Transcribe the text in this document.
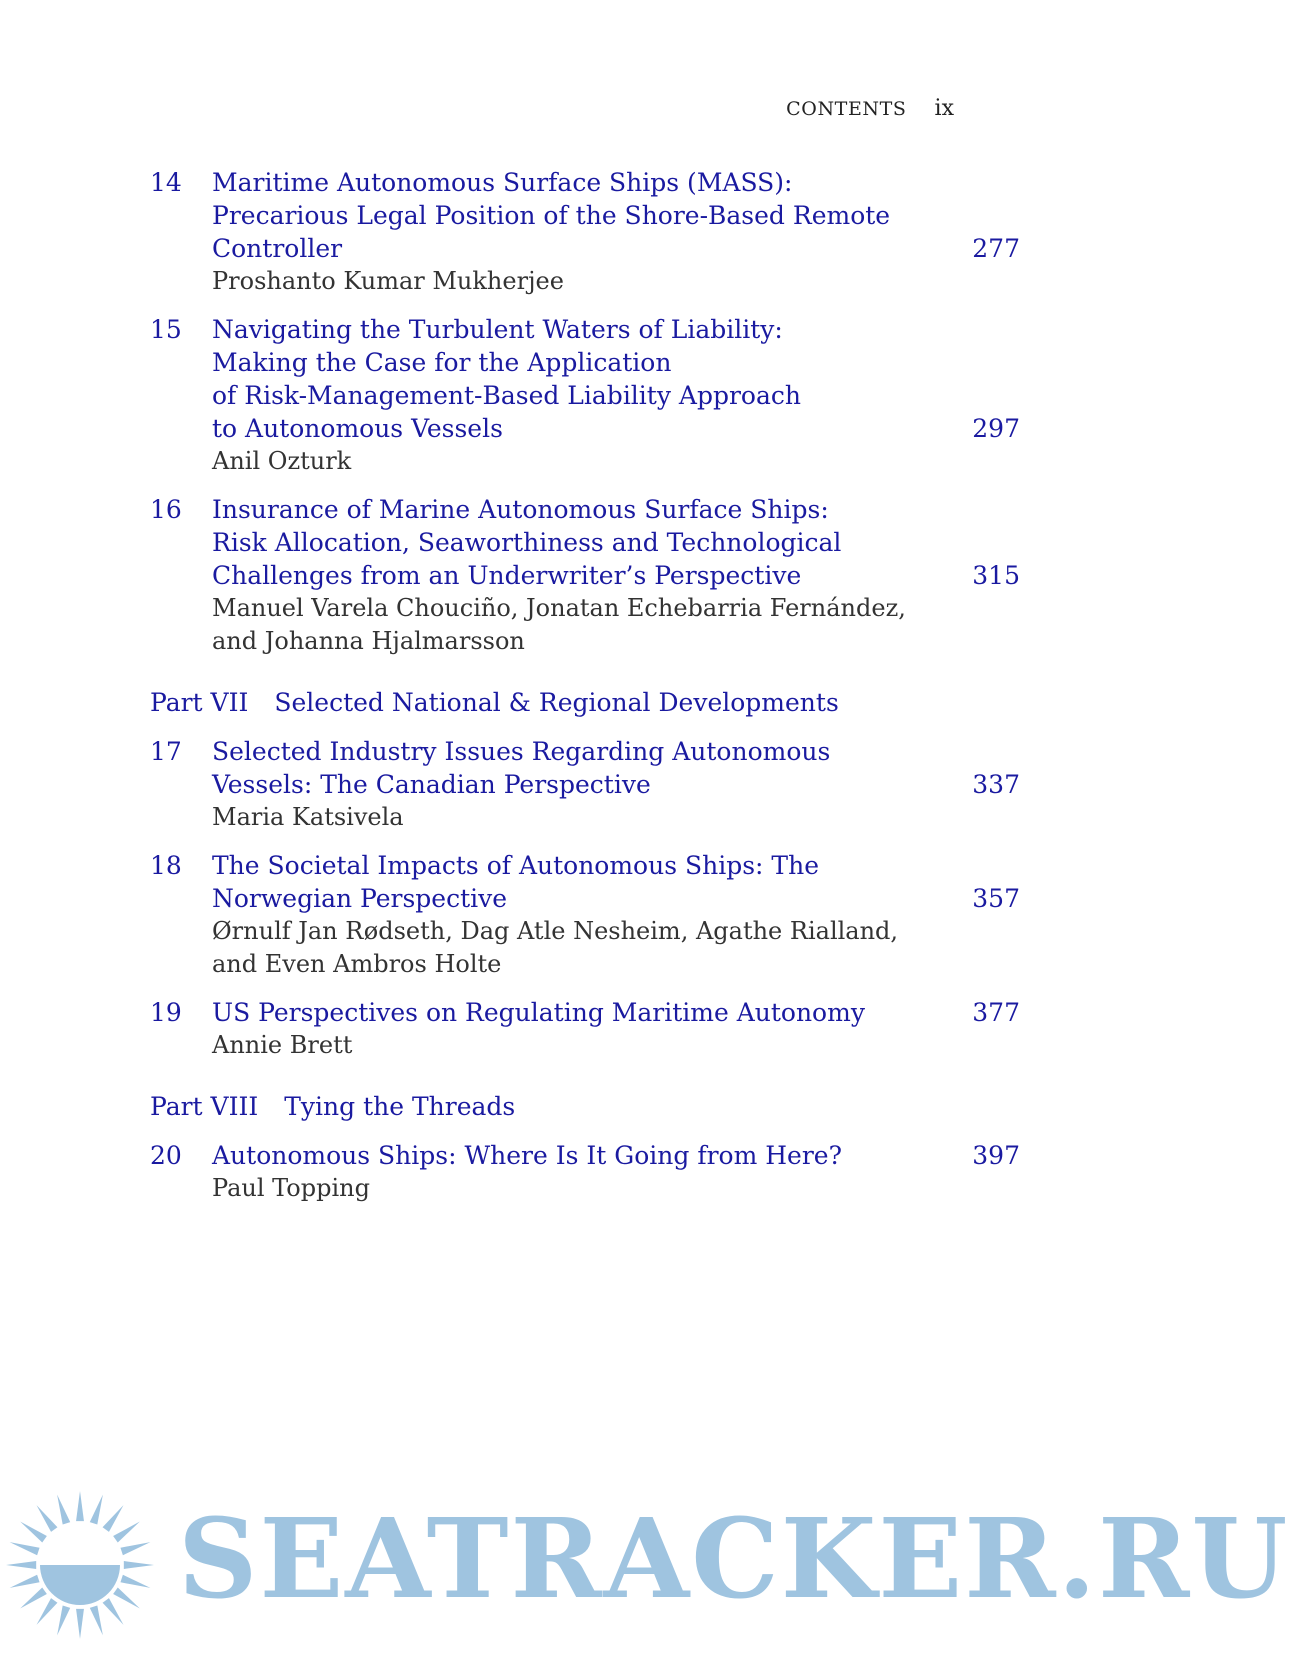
CONTENTS ix
14 Maritime Autonomous Surface Ships (MASS):
Precarious Legal Position of the Shore-Based Remote
Controller	277
Proshanto Kumar Mukherjee
15 Navigating the Turbulent Waters of Liability:
Making the Case for the Application
of Risk-Management-Based Liability Approach
to Autonomous Vessels	297
Anil Ozturk
16 Insurance of Marine Autonomous Surface Ships:
Risk Allocation, Seaworthiness and Technological
Challenges from an Underwriter’s Perspective	315
Manuel Varela Chouciño, Jonatan Echebarria Fernández,
and Johanna Hjalmarsson
Part VII Selected National & Regional Developments
17 Selected Industry Issues Regarding Autonomous
Vessels: The Canadian Perspective	337
Maria Katsivela
18 The Societal Impacts of Autonomous Ships: The
Norwegian Perspective	357
Ørnulf Jan Rødseth, Dag Atle Nesheim, Agathe Rialland,
and Even Ambros Holte
19 US Perspectives on Regulating Maritime Autonomy	377
Annie Brett
Part VIII Tying the Threads
20 Autonomous Ships: Where Is It Going from Here?	397
Paul Topping
SEATRACKER.RU
